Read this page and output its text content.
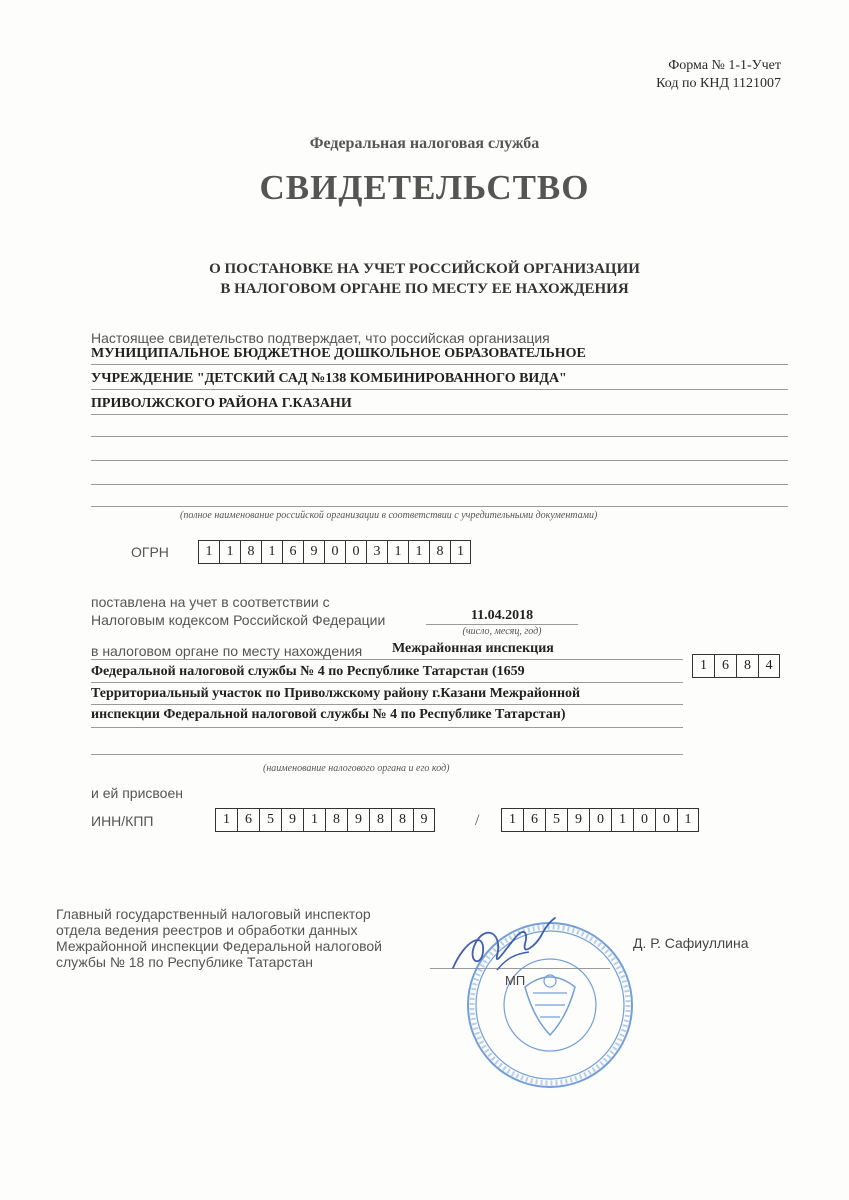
Форма № 1-1-Учет
Код по КНД 1121007
Федеральная налоговая служба
СВИДЕТЕЛЬСТВО
О ПОСТАНОВКЕ НА УЧЕТ РОССИЙСКОЙ ОРГАНИЗАЦИИ
В НАЛОГОВОМ ОРГАНЕ ПО МЕСТУ ЕЕ НАХОЖДЕНИЯ
Настоящее свидетельство подтверждает, что российская организация
МУНИЦИПАЛЬНОЕ БЮДЖЕТНОЕ ДОШКОЛЬНОЕ ОБРАЗОВАТЕЛЬНОЕ
УЧРЕЖДЕНИЕ "ДЕТСКИЙ САД №138 КОМБИНИРОВАННОГО ВИДА"
ПРИВОЛЖСКОГО РАЙОНА Г.КАЗАНИ
(полное наименование российской организации в соответствии с учредительными документами)
ОГРН	1	1	8	1	6	9	0	0	3	1	1	8 1
поставлена на учет в соответствии с
Налоговым кодексом Российской Федерации	11.04.2018
(число, месяц, год)
в налоговом органе по месту нахождения Межрайонная инспекция
Федеральной налоговой службы № 4 по Республике Татарстан (1659
Территориальный участок по Приволжскому району г.Казани Межрайонной
инспекции Федеральной налоговой службы № 4 по Республике Татарстан)
(наименование налогового органа и его код)
1	6	8	4
и ей присвоен
ИНН/КПП	1	6	5	9	1	8	9	8	8	9	/	1	6	5	9	0	1	0	0	1
Главный государственный налоговый инспектор
отдела ведения реестров и обработки данных
Межрайонной инспекции Федеральной налоговой
службы № 18 по Республике Татарстан
Д. Р. Сафиуллина
МП
